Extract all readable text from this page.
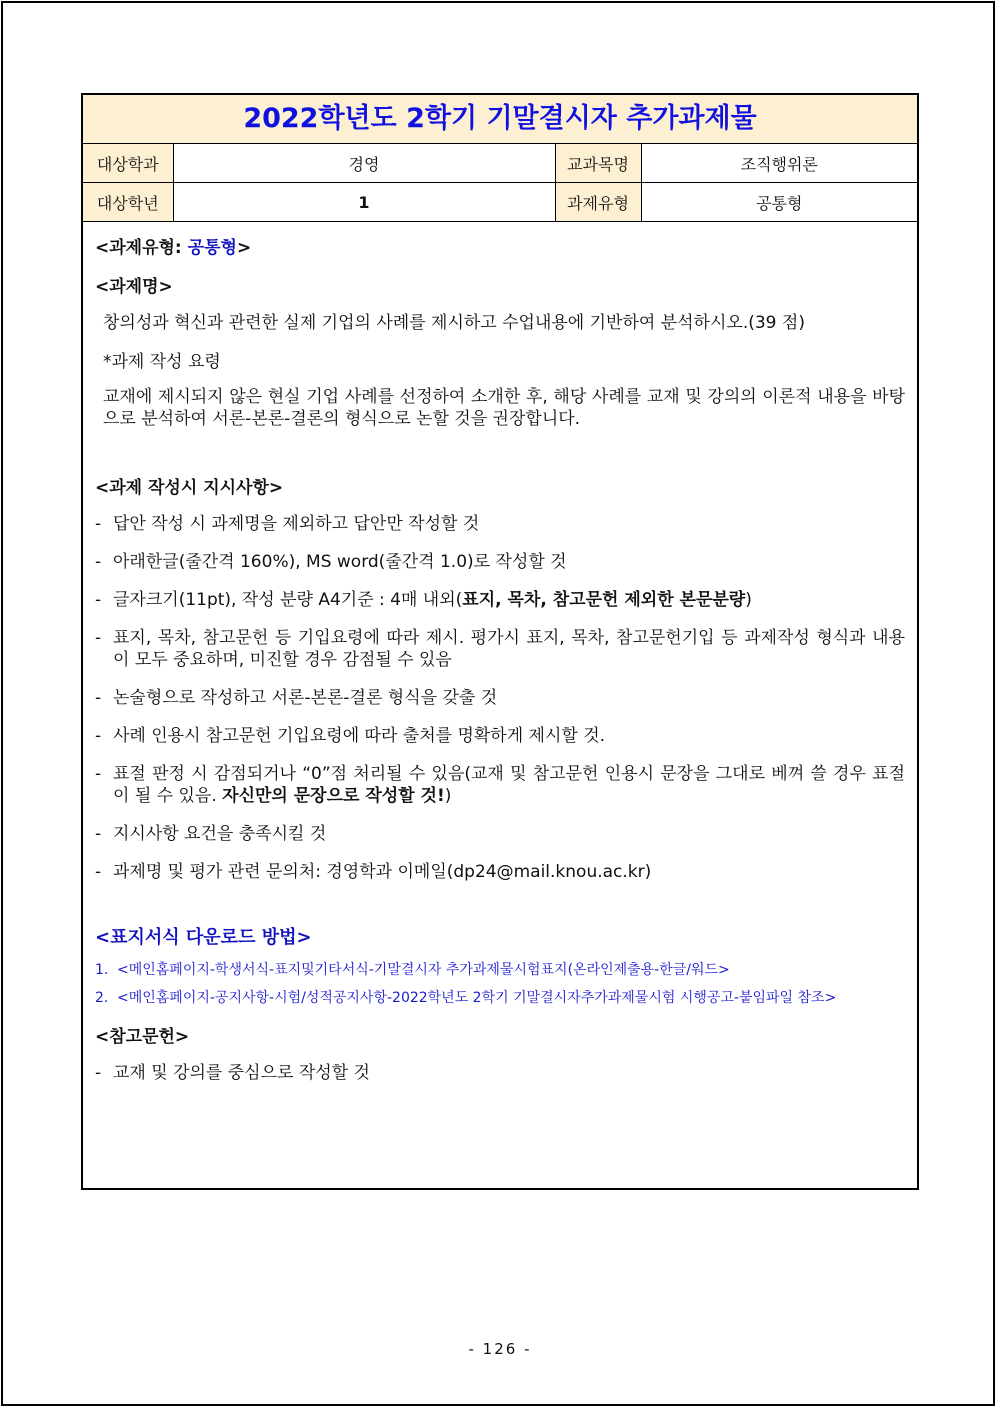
2022학년도 2학기 기말결시자 추가과제물
대상학과	경영	교과목명	조직행위론
대상학년	1	과제유형	공통형
<과제유형: 공통형>
<과제명>

창의성과 혁신과 관련한 실제 기업의 사례를 제시하고 수업내용에 기반하여 분석하시오.(39 점)

*과제 작성 요령

교재에 제시되지 않은 현실 기업 사례를 선정하여 소개한 후, 해당 사례를 교재 및 강의의 이론적 내용을 바탕으로 분석하여 서론-본론-결론의 형식으로 논할 것을 권장합니다.

<과제 작성시 지시사항>
- 답안 작성 시 과제명을 제외하고 답안만 작성할 것
- 아래한글(줄간격 160%), MS word(줄간격 1.0)로 작성할 것
- 글자크기(11pt), 작성 분량 A4기준 : 4매 내외(표지, 목차, 참고문헌 제외한 본문분량)
- 표지, 목차, 참고문헌 등 기입요령에 따라 제시. 평가시 표지, 목차, 참고문헌기입 등 과제작성 형식과 내용이 모두 중요하며, 미진할 경우 감점될 수 있음
- 논술형으로 작성하고 서론-본론-결론 형식을 갖출 것
- 사례 인용시 참고문헌 기입요령에 따라 출처를 명확하게 제시할 것.
- 표절 판정 시 감점되거나 “0”점 처리될 수 있음(교재 및 참고문헌 인용시 문장을 그대로 베껴 쓸 경우 표절이 될 수 있음. 자신만의 문장으로 작성할 것!)
- 지시사항 요건을 충족시킬 것
- 과제명 및 평가 관련 문의처: 경영학과 이메일(dp24@mail.knou.ac.kr)
<표지서식 다운로드 방법>
1. <메인홈페이지-학생서식-표지및기타서식-기말결시자 추가과제물시험표지(온라인제출용-한글/워드>
2. <메인홈페이지-공지사항-시험/성적공지사항-2022학년도 2학기 기말결시자추가과제물시험 시행공고-붙임파일 참조>
<참고문헌>
- 교재 및 강의를 중심으로 작성할 것
- 126 -
